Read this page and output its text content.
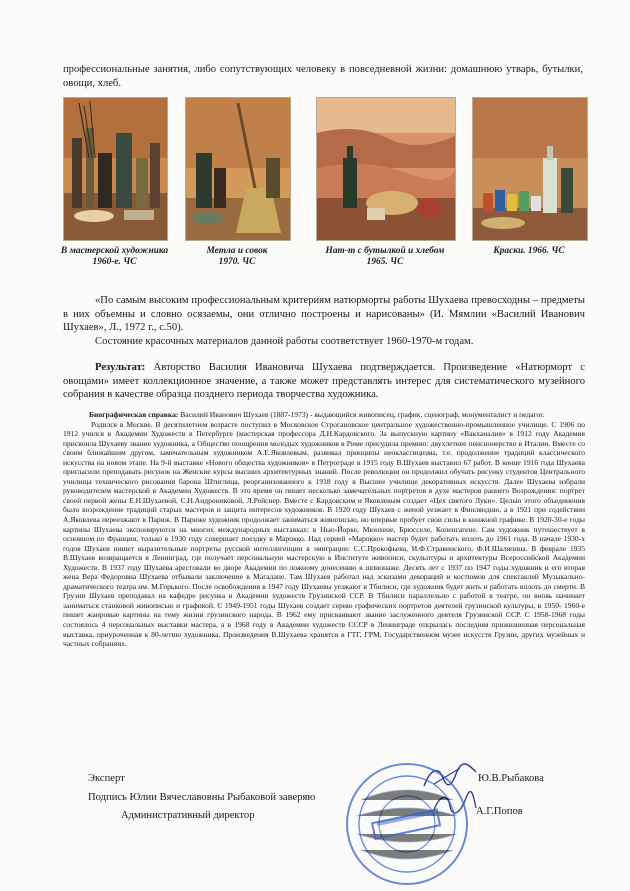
профессиональные занятия, либо сопутствующих человеку в повседневной жизни: домашнюю утварь, бутылки, овощи, хлеб.
В мастерской художника
1960-е. ЧС
Метла и совок
1970. ЧС
Нат-т с бутылкой и хлебом
1965. ЧС
Краски. 1966. ЧС
«По самым высоким профессиональным критериям натюрморты работы Шухаева превосходны – предметы в них объемны и словно осязаемы, они отлично построены и нарисованы» (И. Мямлин «Василий Иванович Шухаев», Л., 1972 г., с.50).
Состояние красочных материалов данной работы соответствует 1960-1970-м годам.
Результат: Авторство Василия Ивановича Шухаева подтверждается. Произведение «Натюрморт с овощами» имеет коллекционное значение, а также может представлять интерес для систематического музейного собрания в качестве образца позднего периода творчества художника.

Биографическая справка: Василий Иванович Шухаев (1887-1973) - выдающийся живописец, график, сценограф, монументалист и педагог.

Родился в Москве. В десятилетнем возрасте поступил в Московское Строгановское центральное художественно-промышленное училище. С 1906 по 1912 учился в Академии Художеств в Петербурге (мастерская профессора Д.Н.Кардовского. За выпускную картину «Вакханалия» в 1912 году Академия присвоила Шухаеву звание художника, а Общество поощрения молодых художников в Риме присудила премию: двухлетнее пенсионерство в Италии. Вместе со своим ближайшим другом, замечательным художником А.Е.Яковлевым, развивал принципы неоклассицизма, т.е. продолжение традиций классического искусства на новом этапе. На 9-й выставке «Нового общества художников» в Петрограде в 1915 году В.Шухаев выставил 67 работ. В конце 1916 года Шухаева пригласили преподавать рисунок на Женские курсы высших архитектурных знаний. После революции он продолжил обучать рисунку студентов Центрального училища технического рисования барона Штиглица, реорганизованного к 1918 году в Высшее училище декоративных искусств. Далее Шухаева избрали руководителем мастерской в Академии Художеств. В это время он пишет несколько замечательных портретов в духе мастеров раннего Возрождения: портрет своей первой жены Е.Н.Шухаевой, С.Н.Андрониковой, Л.Рейснер. Вместе с Кардовским и Яковлевым создает «Цех святого Луки». Целью этого объединения было возрождение традиций старых мастеров и защита интересов художников. В 1920 году Шухаев с женой уезжает в Финляндию, а в 1921 при содействии А.Яковлева переезжают в Париж. В Париже художник продолжает заниматься живописью, но впервые пробует свои силы в книжной графике. В 1920-30-е годы картины Шухаева экспонируются на многих международных выставках: в Нью-Йорке, Мюнхене, Брюсселе, Копенгагене. Сам художник путешествует в основном по Франции, только в 1930 году совершает поездку в Марокко. Над серией «Марокко» мастер будет работать вплоть до 1961 года. В начале 1930-х годов Шухаев пишет выразительные портреты русской интеллигенции в эмиграции: С.С.Прокофьева, И.Ф.Стравинского, Ф.И.Шаляпина. В феврале 1935 В.Шухаев возвращается в Ленинград, где получает персональную мастерскую в Институте живописи, скульптуры и архитектуры Всероссийской Академии Художеств. В 1937 году Шухаева арестовали во дворе Академии по ложному донесению в шпионаже. Десять лет с 1937 по 1947 годы художник и его вторая жена Вера Федоровна Шухаева отбывали заключение в Магадане. Там Шухаев работал над эскизами декораций и костюмов для спектаклей Музыкально-драматического театра им. М.Горького. После освобождения в 1947 году Шухаевы уезжают в Тбилиси, где художник будет жить и работать вплоть до смерти. В Грузии Шухаев преподавал на кафедре рисунка в Академии художеств Грузинской ССР. В Тбилиси параллельно с работой в театре, он вновь начинает заниматься станковой живописью и графикой. С 1949-1951 годы Шухаев создает серию графических портретов деятелей грузинской культуры, в 1950- 1960-е пишет жанровые картины на тему жизни грузинского народа. В 1962 ему присваивают звание заслуженного деятеля Грузинской ССР. С 1958-1968 годы состоялось 4 персональных выставки мастера, а в 1968 году в Академии художеств СССР в Ленинграде открылась последняя прижизненная персональная выставка, приуроченная к 80-летию художника. Произведения В.Шухаева хранятся в ГТГ, ГРМ, Государственном музее искусств Грузии, других музейных и частных собраниях.

Эксперт
Подпись Юлии Вячеславовны Рыбаковой заверяю
Административный директор
Ю.В.Рыбакова
А.Г.Попов
